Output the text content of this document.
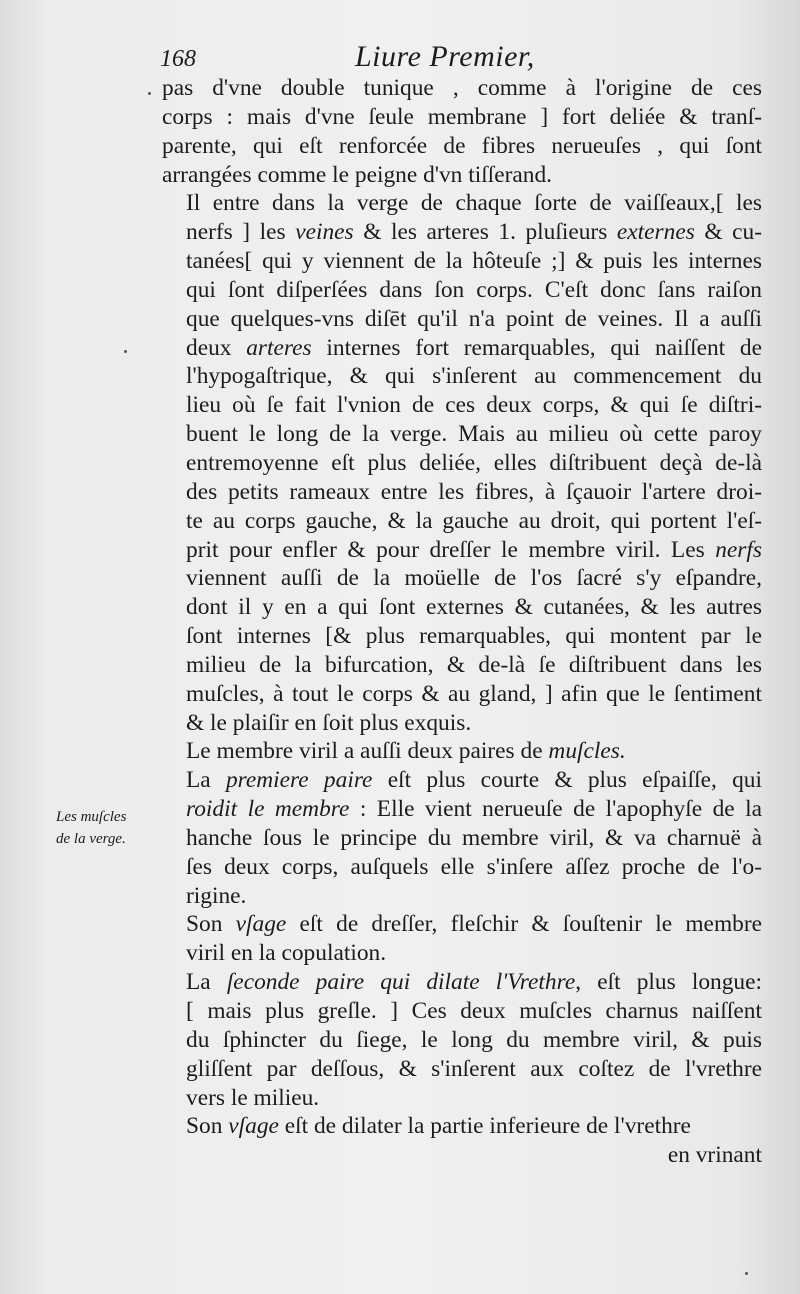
168	Liure Premier,
Les muſcles
de la verge.

pas d'vne double tunique , comme à l'origine de ces
corps : mais d'vne ſeule membrane ] fort deliée & tranſ-
parente, qui eſt renforcée de fibres nerueuſes , qui ſont
arrangées comme le peigne d'vn tiſſerand.

Il entre dans la verge de chaque ſorte de vaiſſeaux,[ les
nerfs ] les veines & les arteres 1. pluſieurs externes & cu-
tanées[ qui y viennent de la hôteuſe ;] & puis les internes
qui ſont diſperſées dans ſon corps. C'eſt donc ſans raiſon
que quelques-vns diſēt qu'il n'a point de veines. Il a auſſi
deux arteres internes fort remarquables, qui naiſſent de
l'hypogaſtrique, & qui s'inſerent au commencement du
lieu où ſe fait l'vnion de ces deux corps, & qui ſe diſtri-
buent le long de la verge. Mais au milieu où cette paroy
entremoyenne eſt plus deliée, elles diſtribuent deçà de-là
des petits rameaux entre les fibres, à ſçauoir l'artere droi-
te au corps gauche, & la gauche au droit, qui portent l'eſ-
prit pour enfler & pour dreſſer le membre viril. Les nerfs
viennent auſſi de la moüelle de l'os ſacré s'y eſpandre,
dont il y en a qui ſont externes & cutanées, & les autres
ſont internes [& plus remarquables, qui montent par le
milieu de la bifurcation, & de-là ſe diſtribuent dans les
muſcles, à tout le corps & au gland, ] afin que le ſentiment
& le plaiſir en ſoit plus exquis.

Le membre viril a auſſi deux paires de muſcles.

La premiere paire eſt plus courte & plus eſpaiſſe, qui
roidit le membre : Elle vient nerueuſe de l'apophyſe de la
hanche ſous le principe du membre viril, & va charnuë à
ſes deux corps, auſquels elle s'inſere aſſez proche de l'o-
rigine.

Son vſage eſt de dreſſer, fleſchir & ſouſtenir le membre
viril en la copulation.

La ſeconde paire qui dilate l'Vrethre, eſt plus longue:
[ mais plus greſle. ] Ces deux muſcles charnus naiſſent
du ſphincter du ſiege, le long du membre viril, & puis
gliſſent par deſſous, & s'inſerent aux coſtez de l'vrethre
vers le milieu.

Son vſage eſt de dilater la partie inferieure de l'vrethre

en vrinant
